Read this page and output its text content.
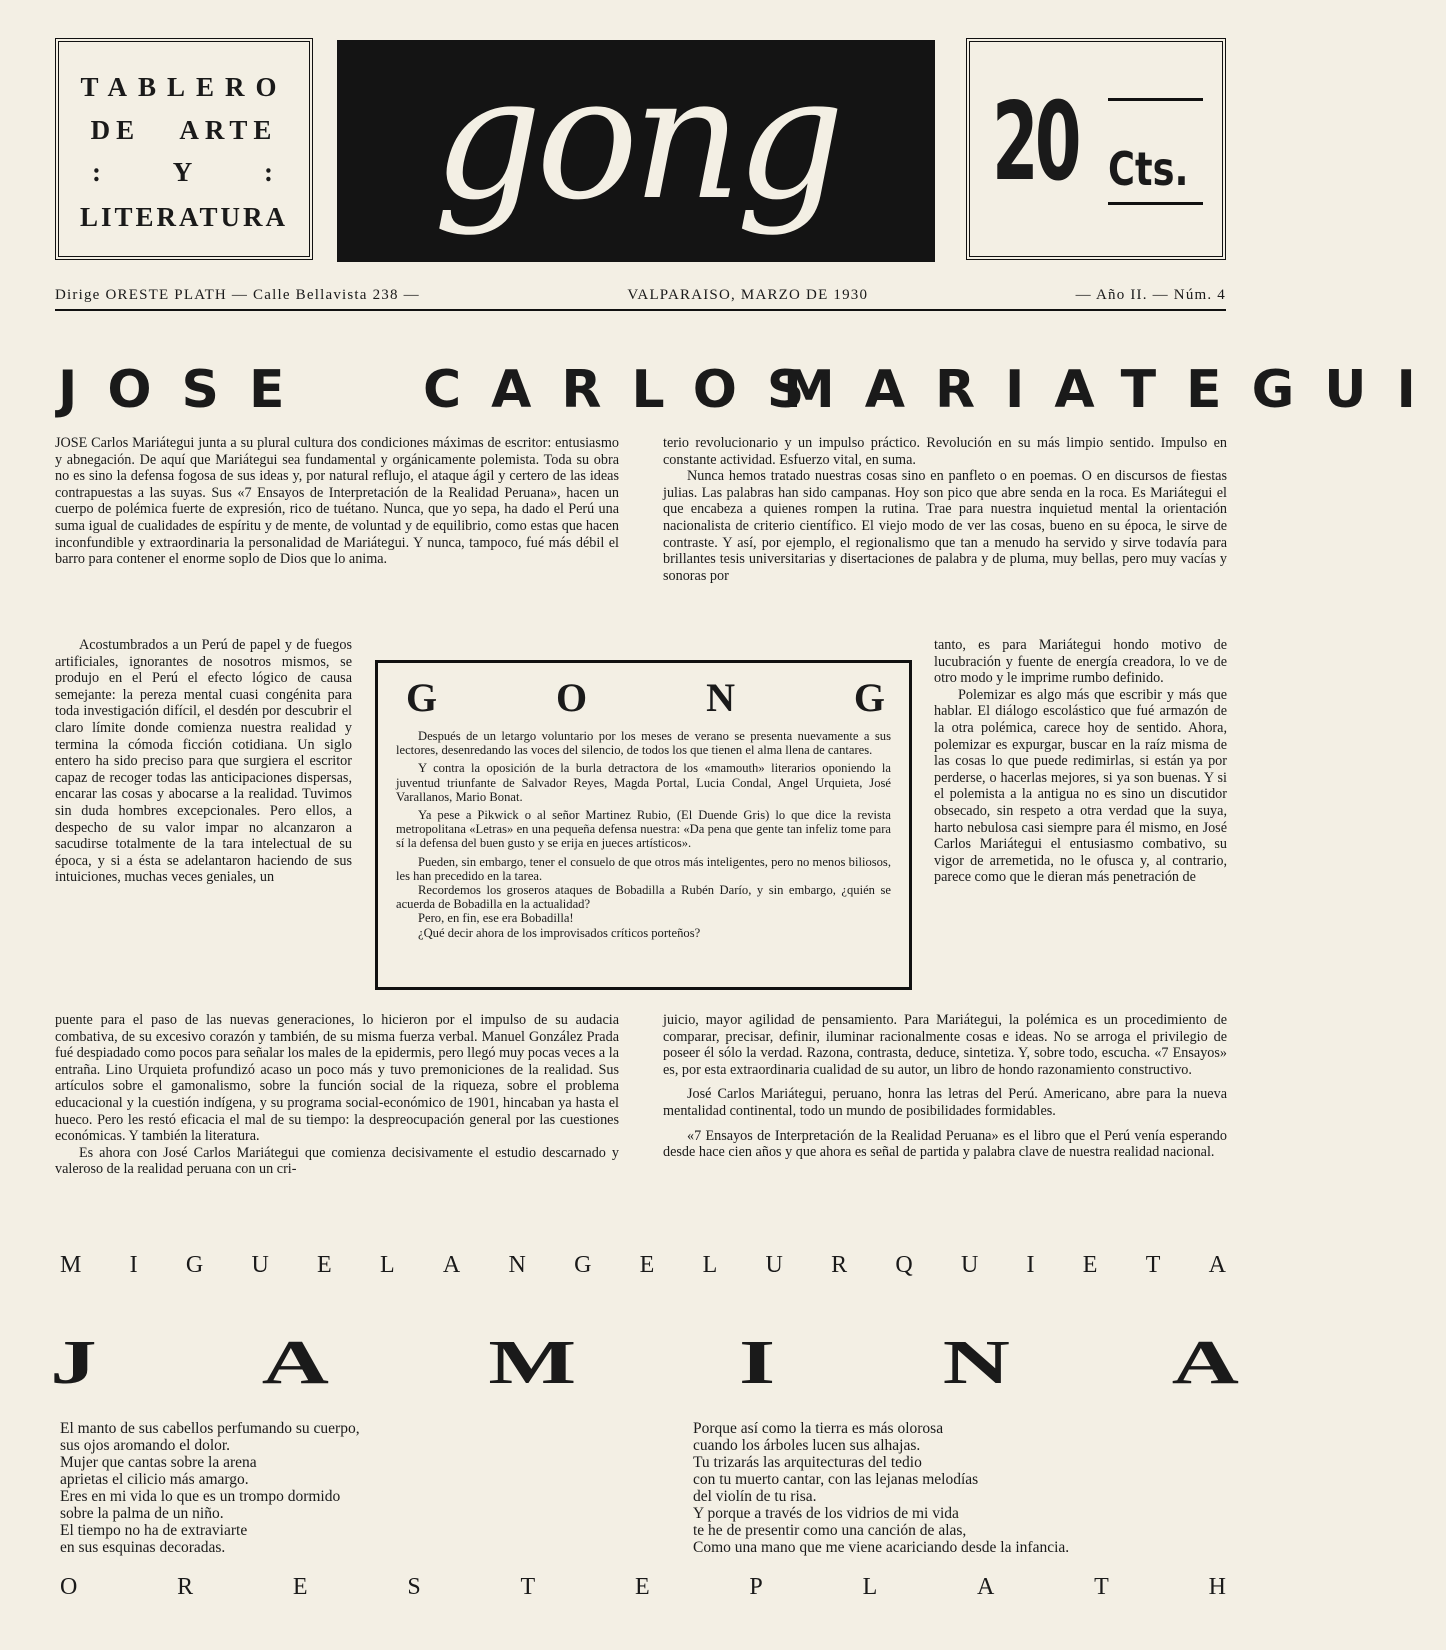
TABLERO
DE ARTE
: Y :
LITERATURA gong	20 Cts.
Dirige ORESTE PLATH — Calle Bellavista 238 —	VALPARAISO, MARZO DE 1930	— Año II. — Núm. 4
JOSE CARLOS
MARIATEGUI

JOSE Carlos Mariátegui junta a su plural cultura dos condiciones máximas de escritor: entusiasmo y abnegación. De aquí que Mariátegui sea fundamental y orgánicamente polemista. Toda su obra no es sino la defensa fogosa de sus ideas y, por natural reflujo, el ataque ágil y certero de las ideas contrapuestas a las suyas. Sus «7 Ensayos de Interpretación de la Realidad Peruana», hacen un cuerpo de polémica fuerte de expresión, rico de tuétano. Nunca, que yo sepa, ha dado el Perú una suma igual de cualidades de espíritu y de mente, de voluntad y de equilibrio, como estas que hacen inconfundible y extraordinaria la personalidad de Mariátegui. Y nunca, tampoco, fué más débil el barro para contener el enorme soplo de Dios que lo anima.

Acostumbrados a un Perú de papel y de fuegos artificiales, ignorantes de nosotros mismos, se produjo en el Perú el efecto lógico de causa semejante: la pereza mental cuasi congénita para toda investigación difícil, el desdén por descubrir el claro límite donde comienza nuestra realidad y termina la cómoda ficción cotidiana. Un siglo entero ha sido preciso para que surgiera el escritor capaz de recoger todas las anticipaciones dispersas, encarar las cosas y abocarse a la realidad. Tuvimos sin duda hombres excepcionales. Pero ellos, a despecho de su valor impar no alcanzaron a sacudirse totalmente de la tara intelectual de su época, y si a ésta se adelantaron haciendo de sus intuiciones, muchas veces geniales, un

puente para el paso de las nuevas generaciones, lo hicieron por el impulso de su audacia combativa, de su excesivo corazón y también, de su misma fuerza verbal. Manuel González Prada fué despiadado como pocos para señalar los males de la epidermis, pero llegó muy pocas veces a la entraña. Lino Urquieta profundizó acaso un poco más y tuvo premoniciones de la realidad. Sus artículos sobre el gamonalismo, sobre la función social de la riqueza, sobre el problema educacional y la cuestión indígena, y su programa social-económico de 1901, hincaban ya hasta el hueco. Pero les restó eficacia el mal de su tiempo: la despreocupación general por las cuestiones económicas. Y también la literatura.

Es ahora con José Carlos Mariátegui que comienza decisivamente el estudio descarnado y valeroso de la realidad peruana con un cri-

terio revolucionario y un impulso práctico. Revolución en su más limpio sentido. Impulso en constante actividad. Esfuerzo vital, en suma.

Nunca hemos tratado nuestras cosas sino en panfleto o en poemas. O en discursos de fiestas julias. Las palabras han sido campanas. Hoy son pico que abre senda en la roca. Es Mariátegui el que encabeza a quienes rompen la rutina. Trae para nuestra inquietud mental la orientación nacionalista de criterio científico. El viejo modo de ver las cosas, bueno en su época, le sirve de contraste. Y así, por ejemplo, el regionalismo que tan a menudo ha servido y sirve todavía para brillantes tesis universitarias y disertaciones de palabra y de pluma, muy bellas, pero muy vacías y sonoras por

tanto, es para Mariátegui hondo motivo de lucubración y fuente de energía creadora, lo ve de otro modo y le imprime rumbo definido.

Polemizar es algo más que escribir y más que hablar. El diálogo escolástico que fué armazón de la otra polémica, carece hoy de sentido. Ahora, polemizar es expurgar, buscar en la raíz misma de las cosas lo que puede redimirlas, si están ya por perderse, o hacerlas mejores, si ya son buenas. Y si el polemista a la antigua no es sino un discutidor obsecado, sin respeto a otra verdad que la suya, harto nebulosa casi siempre para él mismo, en José Carlos Mariátegui el entusiasmo combativo, su vigor de arremetida, no le ofusca y, al contrario, parece como que le dieran más penetración de

juicio, mayor agilidad de pensamiento. Para Mariátegui, la polémica es un procedimiento de comparar, precisar, definir, iluminar racionalmente cosas e ideas. No se arroga el privilegio de poseer él sólo la verdad. Razona, contrasta, deduce, sintetiza. Y, sobre todo, escucha. «7 Ensayos» es, por esta extraordinaria cualidad de su autor, un libro de hondo razonamiento constructivo.

José Carlos Mariátegui, peruano, honra las letras del Perú. Americano, abre para la nueva mentalidad continental, todo un mundo de posibilidades formidables.

«7 Ensayos de Interpretación de la Realidad Peruana» es el libro que el Perú venía esperando desde hace cien años y que ahora es señal de partida y palabra clave de nuestra realidad nacional.

G	O	N	G

Después de un letargo voluntario por los meses de verano se presenta nuevamente a sus lectores, desenredando las voces del silencio, de todos los que tienen el alma llena de cantares.

Y contra la oposición de la burla detractora de los «mamouth» literarios oponiendo la juventud triunfante de Salvador Reyes, Magda Portal, Lucia Condal, Angel Urquieta, José Varallanos, Mario Bonat.

Ya pese a Pikwick o al señor Martinez Rubio, (El Duende Gris) lo que dice la revista metropolitana «Letras» en una pequeña defensa nuestra: «Da pena que gente tan infeliz tome para sí la defensa del buen gusto y se erija en jueces artísticos».

Pueden, sin embargo, tener el consuelo de que otros más inteligentes, pero no menos biliosos, les han precedido en la tarea.

Recordemos los groseros ataques de Bobadilla a Rubén Darío, y sin embargo, ¿quién se acuerda de Bobadilla en la actualidad?

Pero, en fin, ese era Bobadilla!

¿Qué decir ahora de los improvisados críticos porteños?

M I G U E L A N G E L U R Q U I E T A
J	A	M	I	N	A
El manto de sus cabellos perfumando su cuerpo,
sus ojos aromando el dolor.
Mujer que cantas sobre la arena
aprietas el cilicio más amargo.
Eres en mi vida lo que es un trompo dormido
sobre la palma de un niño.
El tiempo no ha de extraviarte
en sus esquinas decoradas.
Porque así como la tierra es más olorosa
cuando los árboles lucen sus alhajas.
Tu trizarás las arquitecturas del tedio
con tu muerto cantar, con las lejanas melodías
del violín de tu risa.
Y porque a través de los vidrios de mi vida
te he de presentir como una canción de alas,
Como una mano que me viene acariciando desde la infancia.
O	R	E	S	T	E	P	L	A	T	H
